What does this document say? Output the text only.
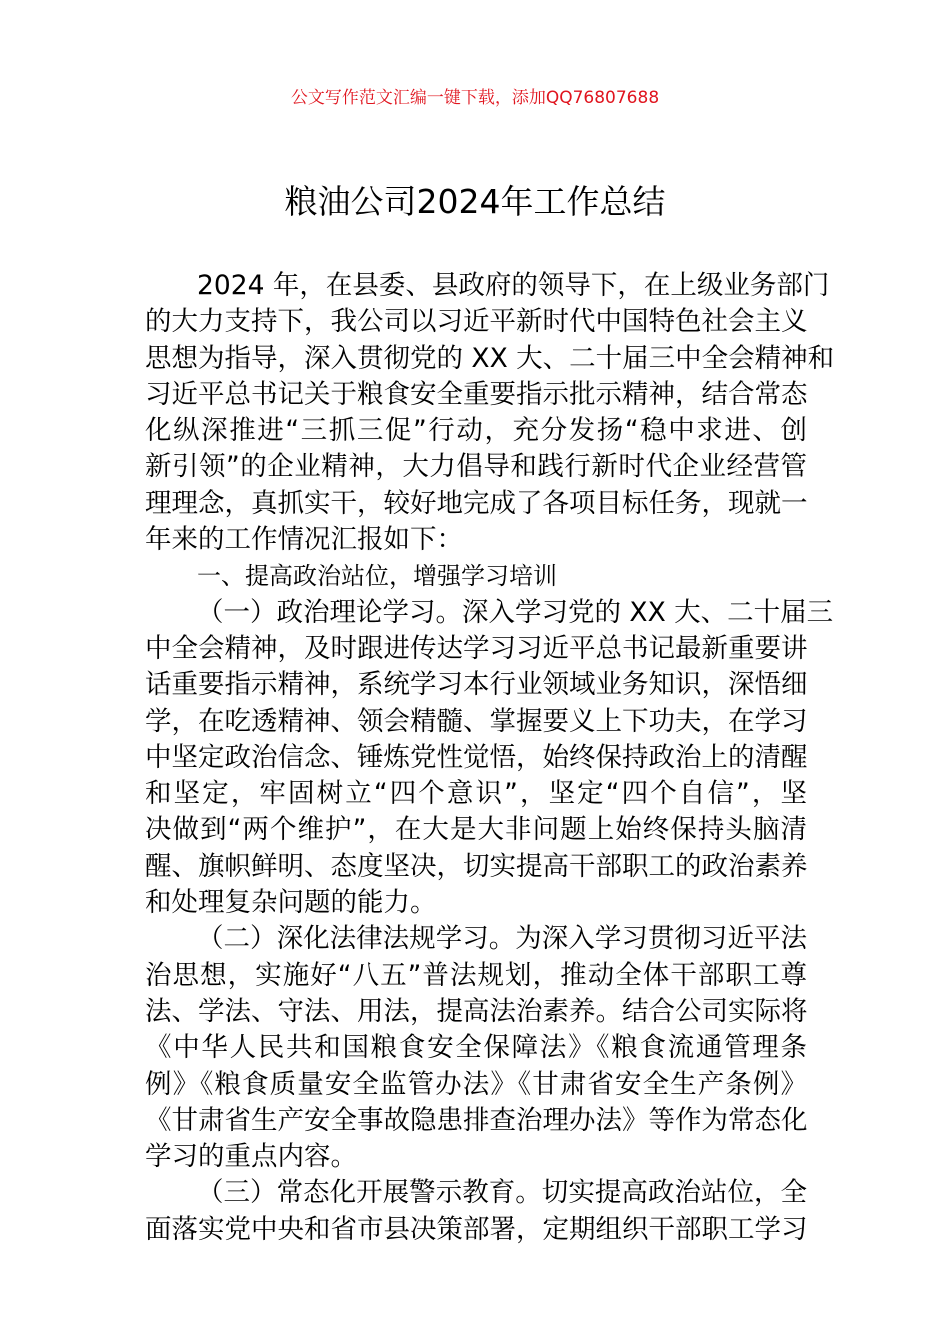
公文写作范文汇编一键下载，添加QQ76807688
粮油公司2024年工作总结
2024 年，在县委、县政府的领导下，在上级业务部门
的大力支持下，我公司以习近平新时代中国特色社会主义
思想为指导，深入贯彻党的 XX 大、二十届三中全会精神和
习近平总书记关于粮食安全重要指示批示精神，结合常态
化纵深推进“三抓三促”行动，充分发扬“稳中求进、创
新引领”的企业精神，大力倡导和践行新时代企业经营管
理理念，真抓实干，较好地完成了各项目标任务，现就一
年来的工作情况汇报如下：
一、提高政治站位，增强学习培训
（一）政治理论学习。深入学习党的 XX 大、二十届三
中全会精神，及时跟进传达学习习近平总书记最新重要讲
话重要指示精神，系统学习本行业领域业务知识，深悟细
学，在吃透精神、领会精髓、掌握要义上下功夫，在学习
中坚定政治信念、锤炼党性觉悟，始终保持政治上的清醒
和坚定，牢固树立“四个意识”，坚定“四个自信”，坚
决做到“两个维护”，在大是大非问题上始终保持头脑清
醒、旗帜鲜明、态度坚决，切实提高干部职工的政治素养
和处理复杂问题的能力。
（二）深化法律法规学习。为深入学习贯彻习近平法
治思想，实施好“八五”普法规划，推动全体干部职工尊
法、学法、守法、用法，提高法治素养。结合公司实际将
《中华人民共和国粮食安全保障法》《粮食流通管理条
例》《粮食质量安全监管办法》《甘肃省安全生产条例》
《甘肃省生产安全事故隐患排查治理办法》等作为常态化
学习的重点内容。
（三）常态化开展警示教育。切实提高政治站位，全
面落实党中央和省市县决策部署，定期组织干部职工学习
